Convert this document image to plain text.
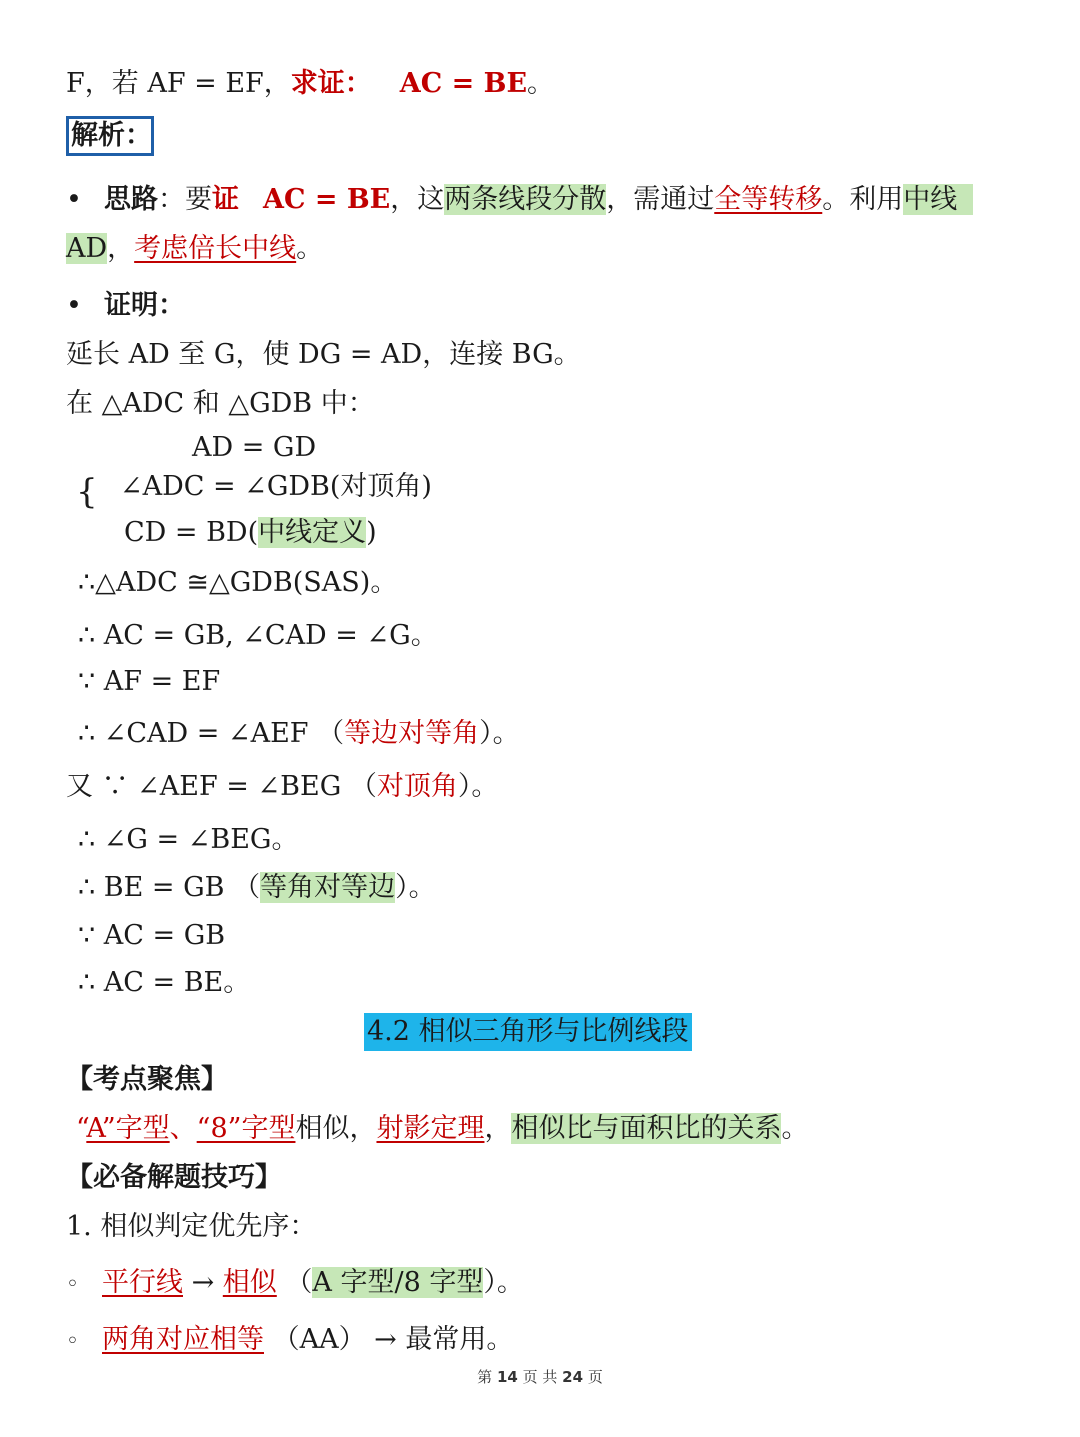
F，若 AF = EF，求证： AC = BE。
解析：
• 思路：要证 AC = BE，这两条线段分散，需通过全等转移。利用中线
AD，考虑倍长中线。
• 证明：
延长 AD 至 G，使 DG = AD，连接 BG。
在 △ADC 和 △GDB 中：
AD = GD
{ ∠ADC = ∠GDB(对顶角)
CD = BD(中线定义)
∴△ADC ≅△GDB(SAS)。
∴ AC = GB, ∠CAD = ∠G。
∵ AF = EF
∴ ∠CAD = ∠AEF （等边对等角）。
又 ∵ ∠AEF = ∠BEG （对顶角）。
∴ ∠G = ∠BEG。
∴ BE = GB （等角对等边）。
∵ AC = GB
∴ AC = BE。
4.2 相似三角形与比例线段
【考点聚焦】
“A”字型、“8”字型相似，射影定理，相似比与面积比的关系。
【必备解题技巧】
1. 相似判定优先序：
◦ 平行线 → 相似 （A 字型/8 字型）。
◦ 两角对应相等 （AA） → 最常用。
第 14 页 共 24 页
